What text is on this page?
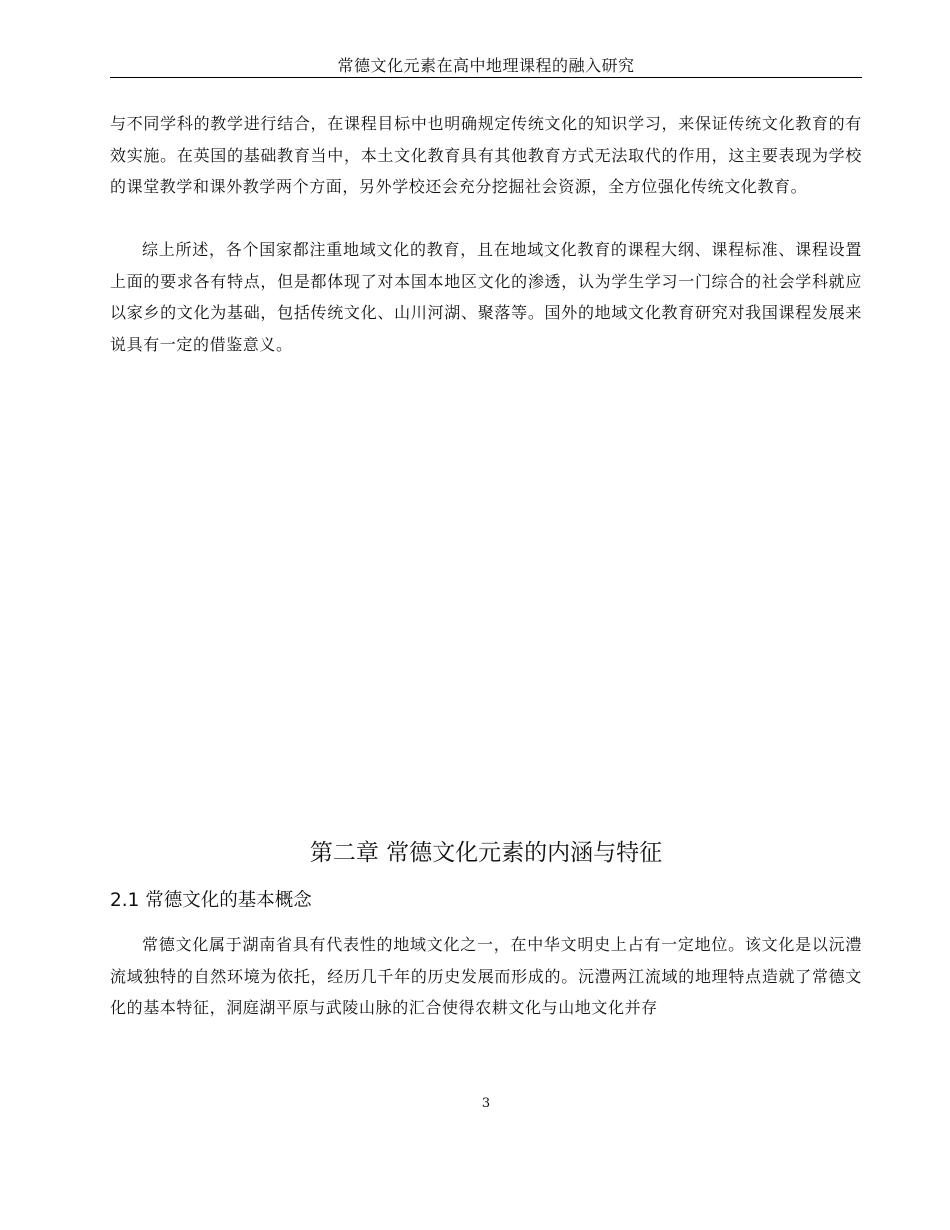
常德文化元素在高中地理课程的融入研究

与不同学科的教学进行结合，在课程目标中也明确规定传统文化的知识学习，来保证传统文化教育的有效实施。在英国的基础教育当中，本土文化教育具有其他教育方式无法取代的作用，这主要表现为学校的课堂教学和课外教学两个方面，另外学校还会充分挖掘社会资源，全方位强化传统文化教育。

综上所述，各个国家都注重地域文化的教育，且在地域文化教育的课程大纲、课程标准、课程设置上面的要求各有特点，但是都体现了对本国本地区文化的渗透，认为学生学习一门综合的社会学科就应以家乡的文化为基础，包括传统文化、山川河湖、聚落等。国外的地域文化教育研究对我国课程发展来说具有一定的借鉴意义。

第二章 常德文化元素的内涵与特征
2.1 常德文化的基本概念

常德文化属于湖南省具有代表性的地域文化之一，在中华文明史上占有一定地位。该文化是以沅澧流域独特的自然环境为依托，经历几千年的历史发展而形成的。沅澧两江流域的地理特点造就了常德文化的基本特征，洞庭湖平原与武陵山脉的汇合使得农耕文化与山地文化并存

3
